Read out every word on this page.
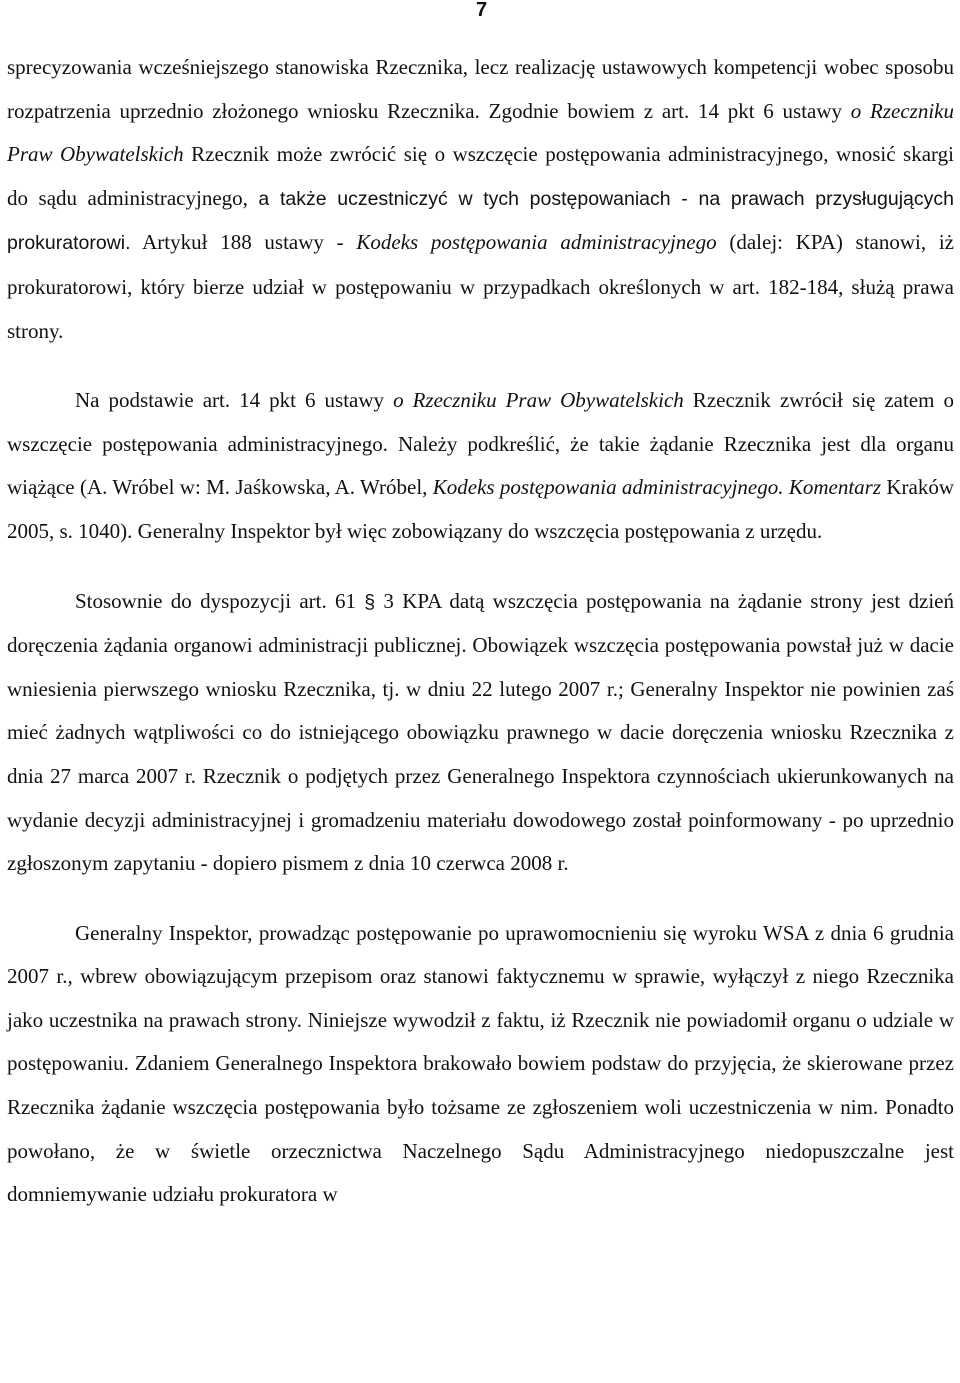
7

sprecyzowania wcześniejszego stanowiska Rzecznika, lecz realizację ustawowych kompetencji wobec sposobu rozpatrzenia uprzednio złożonego wniosku Rzecznika. Zgodnie bowiem z art. 14 pkt 6 ustawy o Rzeczniku Praw Obywatelskich Rzecznik może zwrócić się o wszczęcie postępowania administracyjnego, wnosić skargi do sądu administracyjnego, a także uczestniczyć w tych postępowaniach - na prawach przysługujących prokuratorowi. Artykuł 188 ustawy - Kodeks postępowania administracyjnego (dalej: KPA) stanowi, iż prokuratorowi, który bierze udział w postępowaniu w przypadkach określonych w art. 182-184, służą prawa strony.

Na podstawie art. 14 pkt 6 ustawy o Rzeczniku Praw Obywatelskich Rzecznik zwrócił się zatem o wszczęcie postępowania administracyjnego. Należy podkreślić, że takie żądanie Rzecznika jest dla organu wiążące (A. Wróbel w: M. Jaśkowska, A. Wróbel, Kodeks postępowania administracyjnego. Komentarz Kraków 2005, s. 1040). Generalny Inspektor był więc zobowiązany do wszczęcia postępowania z urzędu.

Stosownie do dyspozycji art. 61 § 3 KPA datą wszczęcia postępowania na żądanie strony jest dzień doręczenia żądania organowi administracji publicznej. Obowiązek wszczęcia postępowania powstał już w dacie wniesienia pierwszego wniosku Rzecznika, tj. w dniu 22 lutego 2007 r.; Generalny Inspektor nie powinien zaś mieć żadnych wątpliwości co do istniejącego obowiązku prawnego w dacie doręczenia wniosku Rzecznika z dnia 27 marca 2007 r. Rzecznik o podjętych przez Generalnego Inspektora czynnościach ukierunkowanych na wydanie decyzji administracyjnej i gromadzeniu materiału dowodowego został poinformowany - po uprzednio zgłoszonym zapytaniu - dopiero pismem z dnia 10 czerwca 2008 r.

Generalny Inspektor, prowadząc postępowanie po uprawomocnieniu się wyroku WSA z dnia 6 grudnia 2007 r., wbrew obowiązującym przepisom oraz stanowi faktycznemu w sprawie, wyłączył z niego Rzecznika jako uczestnika na prawach strony. Niniejsze wywodził z faktu, iż Rzecznik nie powiadomił organu o udziale w postępowaniu. Zdaniem Generalnego Inspektora brakowało bowiem podstaw do przyjęcia, że skierowane przez Rzecznika żądanie wszczęcia postępowania było tożsame ze zgłoszeniem woli uczestniczenia w nim. Ponadto powołano, że w świetle orzecznictwa Naczelnego Sądu Administracyjnego niedopuszczalne jest domniemywanie udziału prokuratora w
